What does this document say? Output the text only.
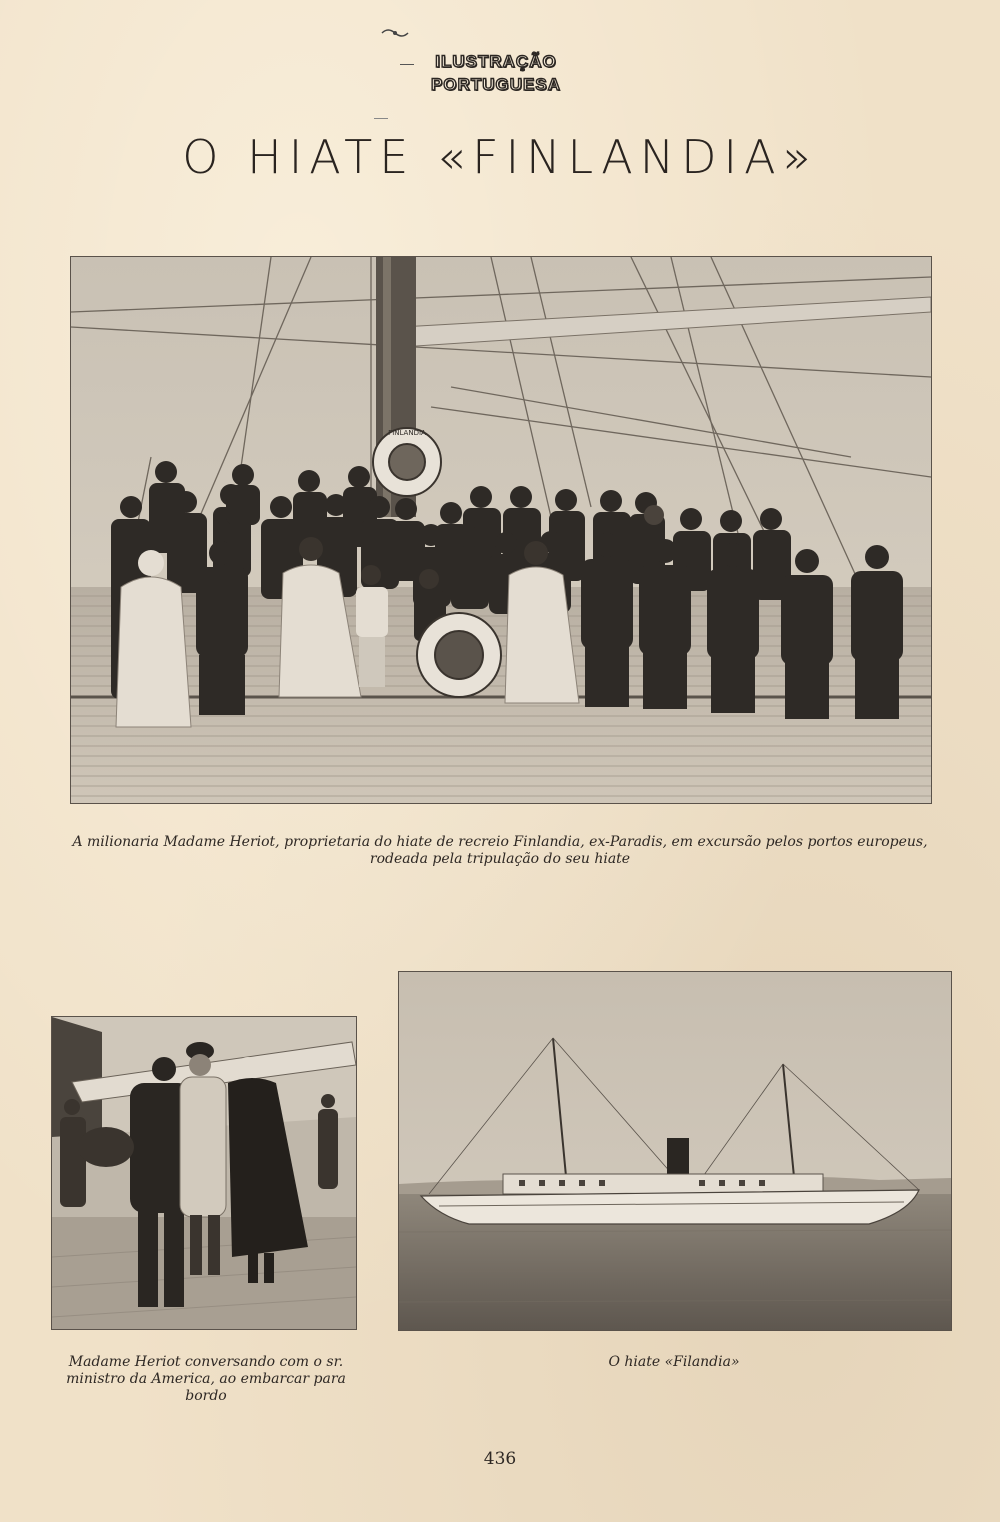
ILUSTRAÇÃO
PORTUGUESA
O HIATE «FINLANDIA»
FINLANDIA
A milionaria Madame Heriot, proprietaria do hiate de recreio Finlandia, ex-Paradis, em excursão pelos portos europeus, rodeada pela tripulação do seu hiate
Madame Heriot conversando com o sr. ministro da America, ao embarcar para bordo
O hiate «Filandia»
436
